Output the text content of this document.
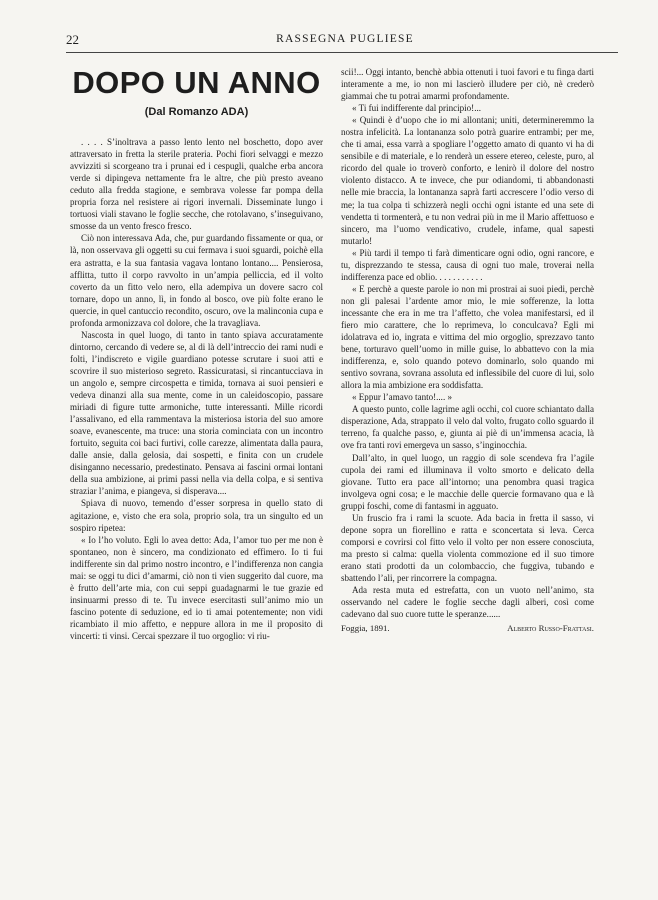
22	RASSEGNA PUGLIESE
DOPO UN ANNO
(Dal Romanzo ADA)

. . . . S’inoltrava a passo lento lento nel boschetto, dopo aver attraversato in fretta la sterile prateria. Pochi fiori selvaggi e mezzo avvizziti si scorgeano tra i prunai ed i cespugli, qualche erba ancora verde si dipingeva nettamente fra le altre, che più presto aveano ceduto alla fredda stagione, e sembrava volesse far pompa della propria forza nel resistere ai rigori invernali. Disseminate lungo i tortuosi viali stavano le foglie secche, che rotolavano, s’inseguivano, smosse da un vento fresco fresco.

Ciò non interessava Ada, che, pur guardando fissamente or qua, or là, non osservava gli oggetti su cui fermava i suoi sguardi, poichè ella era astratta, e la sua fantasia vagava lontano lontano.... Pensierosa, afflitta, tutto il corpo ravvolto in un’ampia pelliccia, ed il volto coverto da un fitto velo nero, ella adempiva un dovere sacro col tornare, dopo un anno, lì, in fondo al bosco, ove più folte erano le quercie, in quel cantuccio recondito, oscuro, ove la malinconia cupa e profonda armonizzava col dolore, che la travagliava.

Nascosta in quel luogo, di tanto in tanto spiava accuratamente dintorno, cercando di vedere se, al di là dell’intreccio dei rami nudi e folti, l’indiscreto e vigile guardiano potesse scrutare i suoi atti e scovrire il suo misterioso segreto. Rassicuratasi, si rincantucciava in un angolo e, sempre circospetta e timida, tornava ai suoi pensieri e vedeva dinanzi alla sua mente, come in un caleidoscopio, passare miriadi di figure tutte armoniche, tutte interessanti. Mille ricordi l’assalivano, ed ella rammentava la misteriosa istoria del suo amore soave, evanescente, ma truce: una storia cominciata con un incontro fortuito, seguita coi baci furtivi, colle carezze, alimentata dalla paura, dalle ansie, dalla gelosia, dai sospetti, e finita con un crudele disinganno necessario, predestinato. Pensava ai fascini ormai lontani della sua ambizione, ai primi passi nella via della colpa, e si sentiva straziar l’anima, e piangeva, si disperava....

Spiava di nuovo, temendo d’esser sorpresa in quello stato di agitazione, e, visto che era sola, proprio sola, tra un singulto ed un sospiro ripetea:

« Io l’ho voluto. Egli lo avea detto: Ada, l’amor tuo per me non è spontaneo, non è sincero, ma condizionato ed effimero. Io ti fui indifferente sin dal primo nostro incontro, e l’indifferenza non cangia mai: se oggi tu dici d’amarmi, ciò non ti vien suggerito dal cuore, ma è frutto dell’arte mia, con cui seppi guadagnarmi le tue grazie ed insinuarmi presso di te. Tu invece esercitasti sull’animo mio un fascino potente di seduzione, ed io ti amai potentemente; non vidi ricambiato il mio affetto, e neppure allora in me il proposito di vincerti: ti vinsi. Cercai spezzare il tuo orgoglio: vi riu-

scii!... Oggi intanto, benchè abbia ottenuti i tuoi favori e tu finga darti interamente a me, io non mi lascierò illudere per ciò, nè crederò giammai che tu potrai amarmi profondamente.

« Ti fui indifferente dal principio!...

« Quindi è d’uopo che io mi allontani; uniti, determineremmo la nostra infelicità. La lontananza solo potrà guarire entrambi; per me, che ti amai, essa varrà a spogliare l’oggetto amato di quanto vi ha di sensibile e di materiale, e lo renderà un essere etereo, celeste, puro, al ricordo del quale io troverò conforto, e lenirò il dolore del nostro violento distacco. A te invece, che pur odiandomi, ti abbandonasti nelle mie braccia, la lontananza saprà farti accrescere l’odio verso di me; la tua colpa ti schizzerà negli occhi ogni istante ed una sete di vendetta ti tormenterà, e tu non vedrai più in me il Mario affettuoso e sincero, ma l’uomo vendicativo, crudele, infame, qual sapesti mutarlo!

« Più tardi il tempo ti farà dimenticare ogni odio, ogni rancore, e tu, disprezzando te stessa, causa di ogni tuo male, troverai nella indifferenza pace ed oblio. . . . . . . . . . .

« E perchè a queste parole io non mi prostrai ai suoi piedi, perchè non gli palesai l’ardente amor mio, le mie sofferenze, la lotta incessante che era in me tra l’affetto, che volea manifestarsi, ed il fiero mio carattere, che lo reprimeva, lo conculcava? Egli mi idolatrava ed io, ingrata e vittima del mio orgoglio, sprezzavo tanto bene, torturavo quell’uomo in mille guise, lo abbattevo con la mia indifferenza, e, solo quando potevo dominarlo, solo quando mi sentivo sovrana, sovrana assoluta ed inflessibile del cuore di lui, solo allora la mia ambizione era soddisfatta.

« Eppur l’amavo tanto!.... »

A questo punto, colle lagrime agli occhi, col cuore schiantato dalla disperazione, Ada, strappato il velo dal volto, frugato collo sguardo il terreno, fa qualche passo, e, giunta ai piè di un’immensa acacia, là ove fra tanti rovi emergeva un sasso, s’inginocchia.

Dall’alto, in quel luogo, un raggio di sole scendeva fra l’agile cupola dei rami ed illuminava il volto smorto e delicato della giovane. Tutto era pace all’intorno; una penombra quasi tragica involgeva ogni cosa; e le macchie delle quercie formavano qua e là gruppi foschi, come di fantasmi in agguato.

Un fruscio fra i rami la scuote. Ada bacia in fretta il sasso, vi depone sopra un fiorellino e ratta e sconcertata si leva. Cerca comporsi e covrirsi col fitto velo il volto per non essere conosciuta, ma presto si calma: quella violenta commozione ed il suo timore erano stati prodotti da un colombaccio, che fuggiva, tubando e sbattendo l’ali, per rincorrere la compagna.

Ada resta muta ed estrefatta, con un vuoto nell’animo, sta osservando nel cadere le foglie secche dagli alberi, così come cadevano dal suo cuore tutte le speranze......

Foggia, 1891.	Alberto Russo-Frattasi.
